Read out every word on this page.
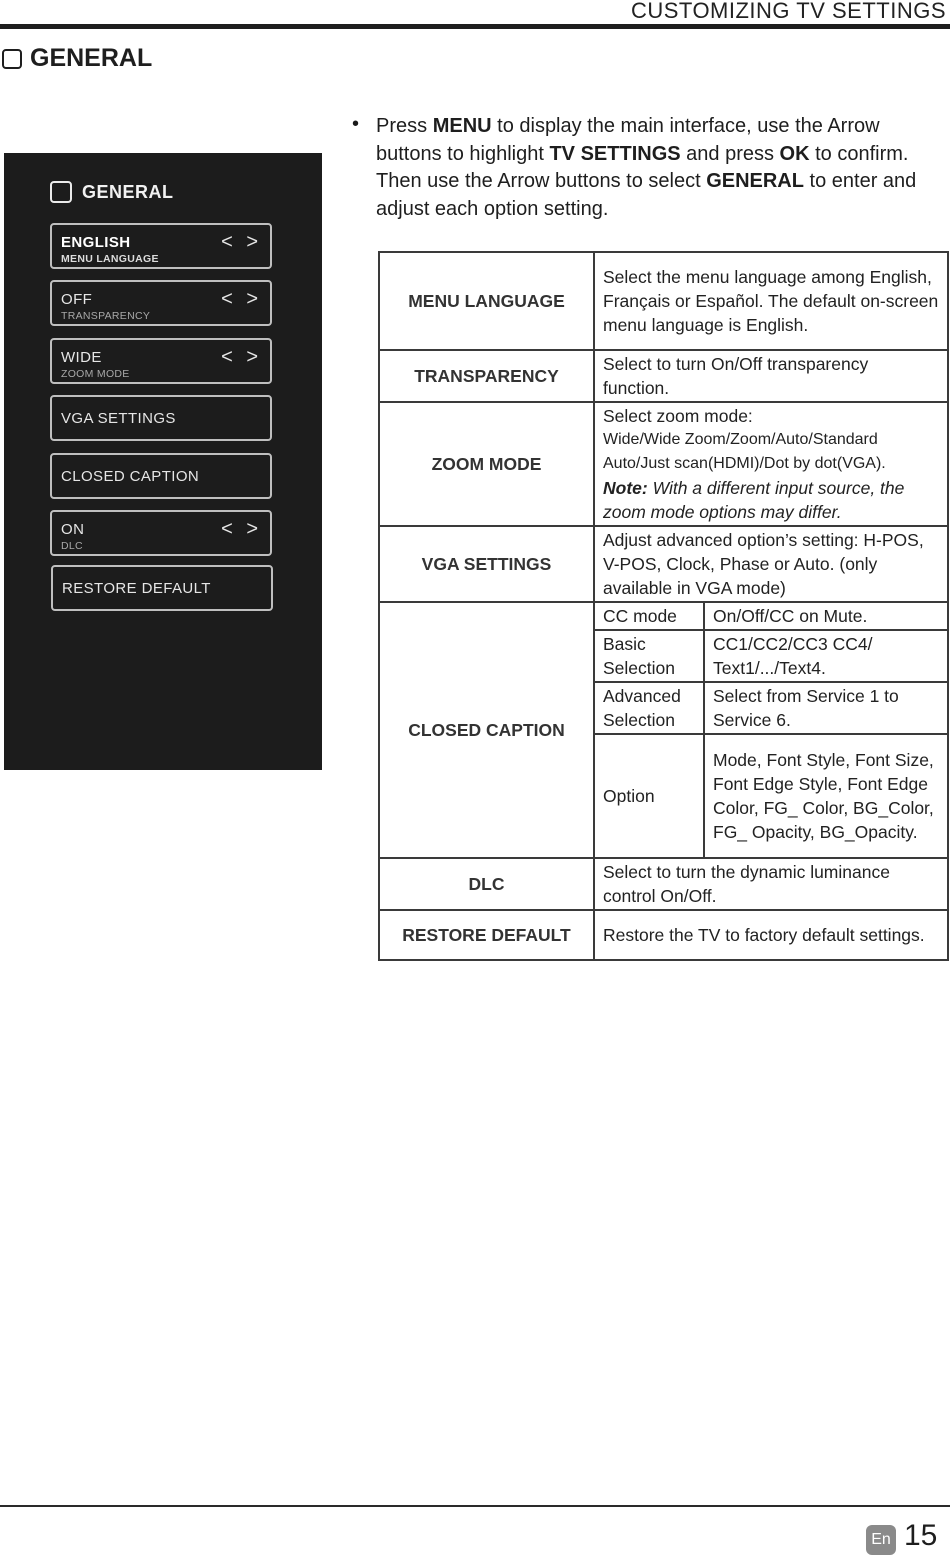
CUSTOMIZING TV SETTINGS
GENERAL
GENERAL
ENGLISH
MENU LANGUAGE
< >
OFF
TRANSPARENCY
< >
WIDE
ZOOM MODE
< >
VGA SETTINGS
CLOSED CAPTION
ON
DLC
< >
RESTORE DEFAULT
• Press MENU to display the main interface, use the Arrow buttons to highlight TV SETTINGS and press OK to confirm. Then use the Arrow buttons to select GENERAL to enter and adjust each option setting.

MENU LANGUAGE	Select the menu language among English, Français or Español. The default on-screen menu language is English.	
TRANSPARENCY	Select to turn On/Off transparency function.	
ZOOM MODE	Select zoom mode:
Wide/Wide Zoom/Zoom/Auto/Standard Auto/Just scan(HDMI)/Dot by dot(VGA).
Note: With a different input source, the zoom mode options may differ.	

VGA SETTINGS	Adjust advanced option’s setting: H-POS, V-POS, Clock, Phase or Auto. (only available in VGA mode)	
CLOSED CAPTION	CC mode	On/Off/CC on Mute.
	Basic Selection	CC1/CC2/CC3 CC4/ Text1/.../Text4.
	Advanced Selection	Select from Service 1 to Service 6.
	Option	Mode, Font Style, Font Size, Font Edge Style, Font Edge Color, FG_ Color, BG_Color, FG_ Opacity, BG_Opacity.
DLC	Select to turn the dynamic luminance control On/Off.	
RESTORE DEFAULT	Restore the TV to factory default settings.	
En 15
